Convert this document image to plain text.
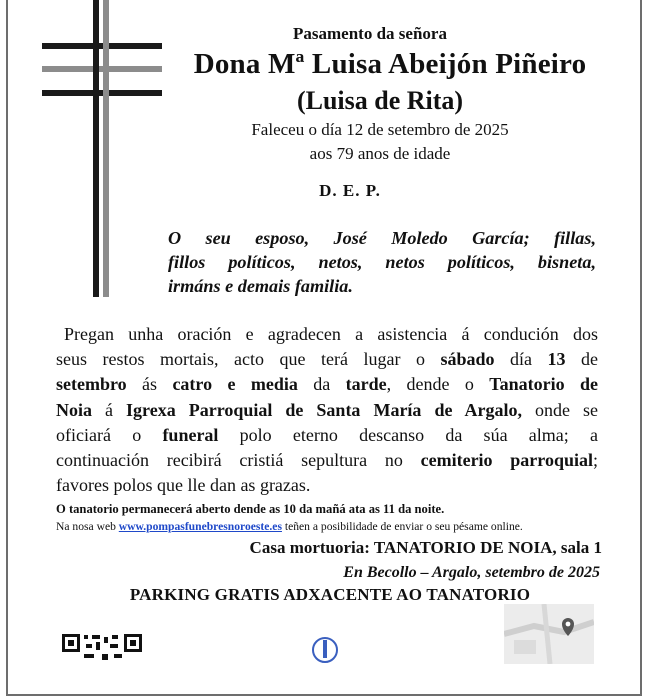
Pasamento da señora
Dona Mª Luisa Abeijón Piñeiro
(Luisa de Rita)
Faleceu o día 12 de setembro de 2025
aos 79 anos de idade
D. E. P.
O seu esposo, José Moledo García; fillas,
fillos políticos, netos, netos políticos, bisneta,
irmáns e demais familia.
Pregan unha oración e agradecen a asistencia á condución dos
seus restos mortais, acto que terá lugar o sábado día 13 de
setembro ás catro e media da tarde, dende o Tanatorio de
Noia á Igrexa Parroquial de Santa María de Argalo, onde se
oficiará o funeral polo eterno descanso da súa alma; a
continuación recibirá cristiá sepultura no cemiterio parroquial;
favores polos que lle dan as grazas.
O tanatorio permanecerá aberto dende as 10 da mañá ata as 11 da noite.
Na nosa web www.pompasfunebresnoroeste.es teñen a posibilidade de enviar o seu pésame online.
Casa mortuoria: TANATORIO DE NOIA, sala 1
En Becollo – Argalo, setembro de 2025
PARKING GRATIS ADXACENTE AO TANATORIO
